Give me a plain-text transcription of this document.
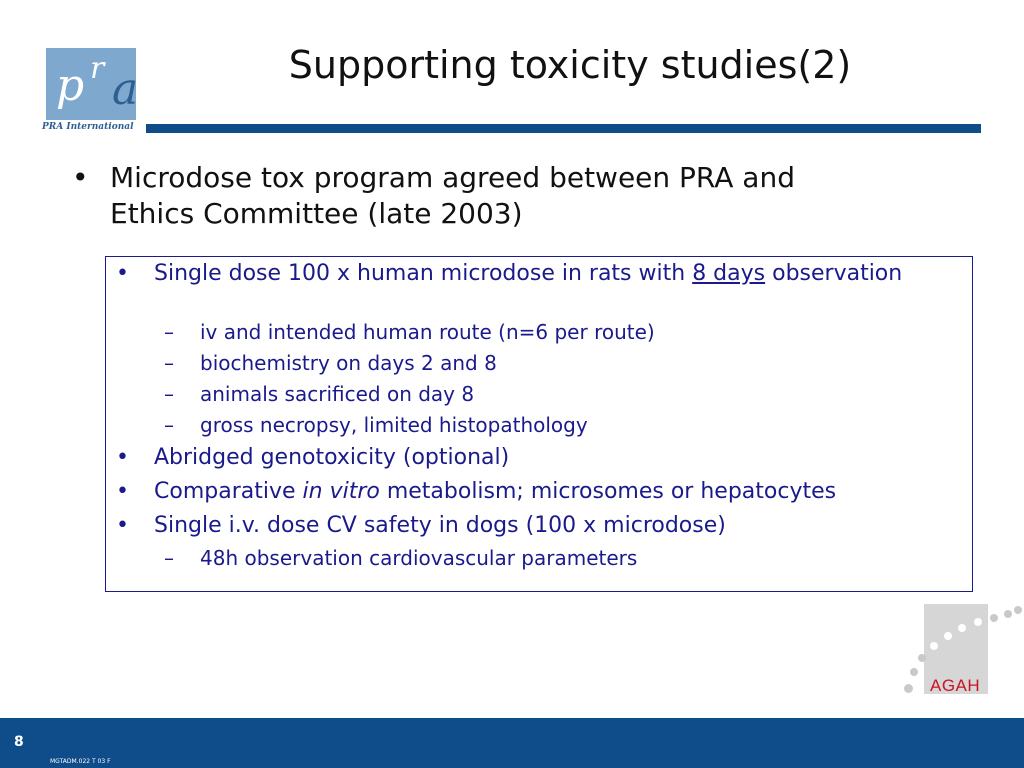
p r a
PRA International
Supporting toxicity studies(2)
• Microdose tox program agreed between PRA and Ethics Committee (late 2003)
• Single dose 100 x human microdose in rats with 8 days observation
– iv and intended human route (n=6 per route)
– biochemistry on days 2 and 8
– animals sacrificed on day 8
– gross necropsy, limited histopathology
• Abridged genotoxicity (optional)
• Comparative in vitro metabolism; microsomes or hepatocytes
• Single i.v. dose CV safety in dogs (100 x microdose)
– 48h observation cardiovascular parameters
AGAH
8
MGTADM.022 T 03 F
